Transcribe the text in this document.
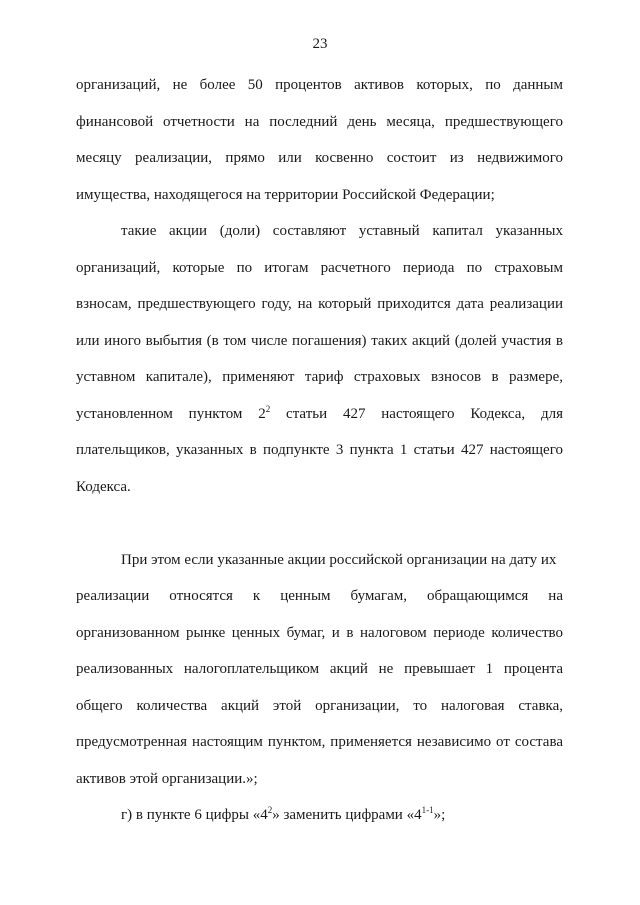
23
организаций, не более 50 процентов активов которых, по данным
финансовой отчетности на последний день месяца, предшествующего
месяцу реализации, прямо или косвенно состоит из недвижимого
имущества, находящегося на территории Российской Федерации;
такие акции (доли) составляют уставный капитал указанных
организаций, которые по итогам расчетного периода по страховым
взносам, предшествующего году, на который приходится дата реализации
или иного выбытия (в том числе погашения) таких акций (долей участия в
уставном капитале), применяют тариф страховых взносов в размере,
установленном пунктом $2^2$ статьи 427 настоящего Кодекса, для
плательщиков, указанных в подпункте 3 пункта 1 статьи 427 настоящего
Кодекса.
При этом если указанные акции российской организации на дату их
реализации относятся к ценным бумагам, обращающимся на
организованном рынке ценных бумаг, и в налоговом периоде количество
реализованных налогоплательщиком акций не превышает 1 процента
общего количества акций этой организации, то налоговая ставка,
предусмотренная настоящим пунктом, применяется независимо от состава
активов этой организации.»;
г) в пункте 6 цифры «$4^2$» заменить цифрами «4$^{1-1}$»;
